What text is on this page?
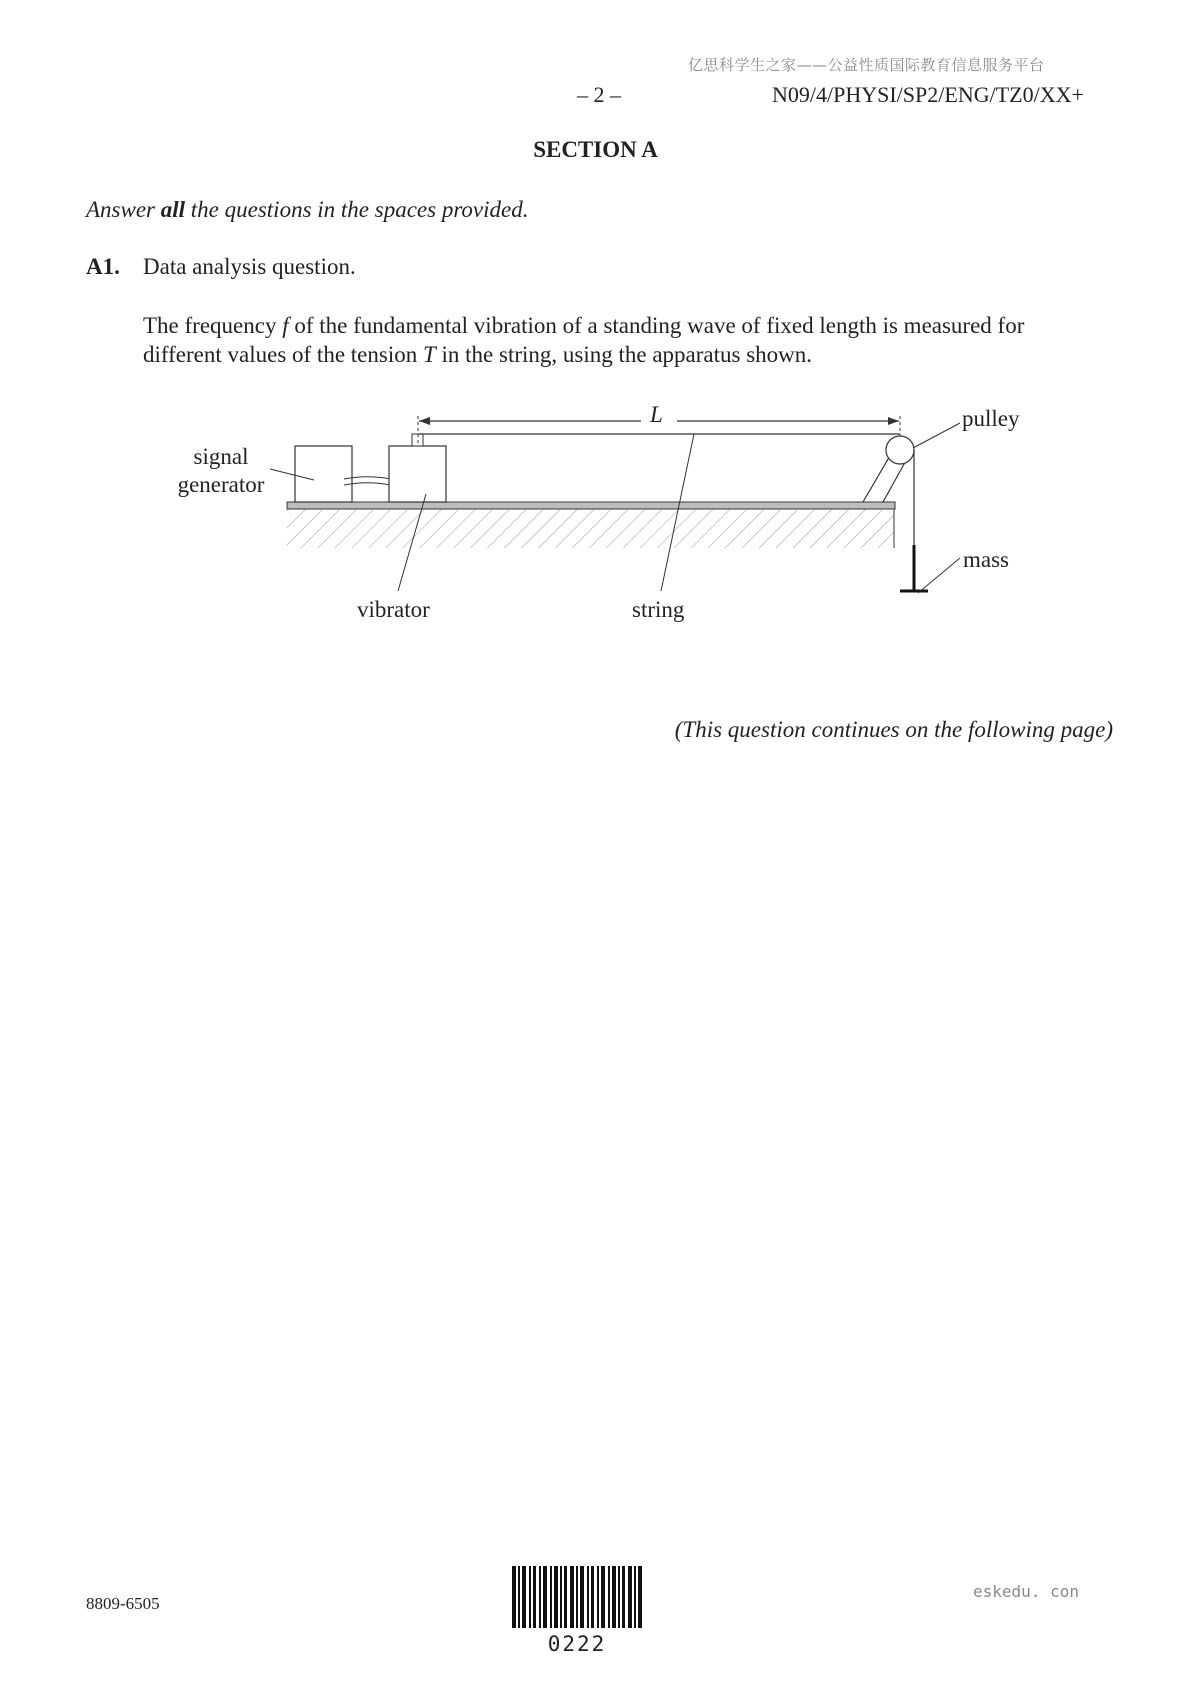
亿思科学生之家——公益性质国际教育信息服务平台
– 2 –	N09/4/PHYSI/SP2/ENG/TZ0/XX+
SECTION A
Answer all the questions in the spaces provided.
A1. Data analysis question.
The frequency f of the fundamental vibration of a standing wave of fixed length is measured for different values of the tension T in the string, using the apparatus shown.
signal
generator
L	pulley
mass
vibrator	string
(This question continues on the following page)
8809-6505
0222
eskedu. con
